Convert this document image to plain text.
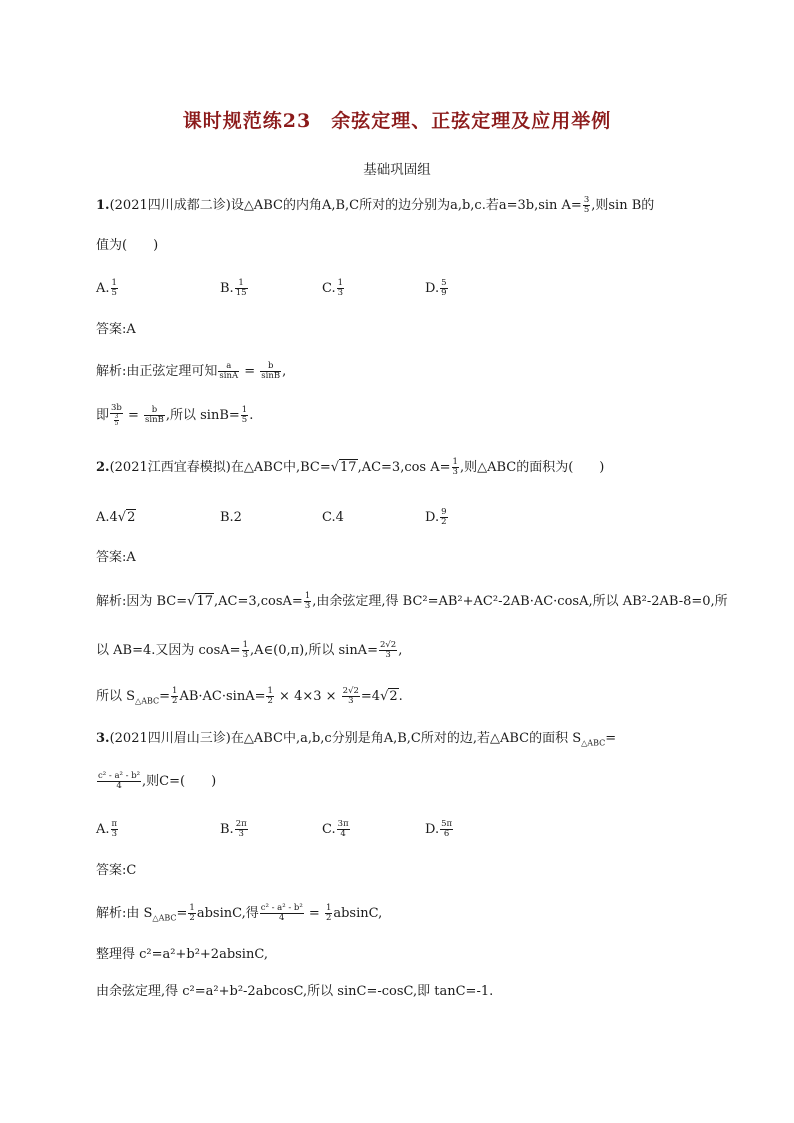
课时规范练23　余弦定理、正弦定理及应用举例
基础巩固组
1.(2021四川成都二诊)设△ABC的内角A,B,C所对的边分别为a,b,c.若a=3b,sin $A= \frac{3}{5}$ ,则sin B的
值为(　　)
A. $\frac{1}{5}$	B. $\frac{1}{15}$	C. $\frac{1}{3}$	D. $\frac{5}{9}$
答案:A
解析:由正弦定理可知 $\frac{a}{\sin A} = \frac{b}{\sin B}$ ,
即 $\frac{3b}{\frac{3}{5}} = \frac{b}{\sin B}$ ,所以 $\sin B= \frac{1}{5}$ .
2.(2021江西宜春模拟)在△ABC中,BC=√17,AC=3,cos $A= \frac{1}{3}$ ,则△ABC的面积为(　　)
A.4√2	B.2	C.4	D. $\frac{9}{2}$
答案:A
解析:因为 $BC=√17,AC=3,\cos A= \frac{1}{3}$ ,由余弦定理,得 BC²=AB²+AC²-2AB·AC·cosA,所以 AB²-2AB-8=0,所
以 AB=4.又因为 $\cos A= \frac{1}{3}$ ,A∈(0,π),所以 $\sin A= \frac{2√2}{3}$ ,
所以 $S_{\triangle ABC}= \frac{1}{2} AB\cdot AC\cdot\sin A= \frac{1}{2} \times 4\times 3 \times \frac{2√2}{3} =4√2$.
3.(2021四川眉山三诊)在△ABC中,a,b,c分别是角A,B,C所对的边,若△ABC的面积 $S_{\triangle ABC}=$
$\frac{\text{c² - a² - b²}}{4}$ ,则C=(　　)
A. $\frac{\pi}{3}$	B. $\frac{2\pi}{3}$	C. $\frac{3\pi}{4}$	D. $\frac{5\pi}{6}$
答案:C
解析:由 $S_{\triangle ABC}= \frac{1}{2} absinC$,得 $\frac{\text{c² - a² - b²}}{4} = \frac{1}{2} absinC$,
整理得 c²=a²+b²+2absinC,
由余弦定理,得 c²=a²+b²-2abcosC,所以 sinC=-cosC,即 tanC=-1.
